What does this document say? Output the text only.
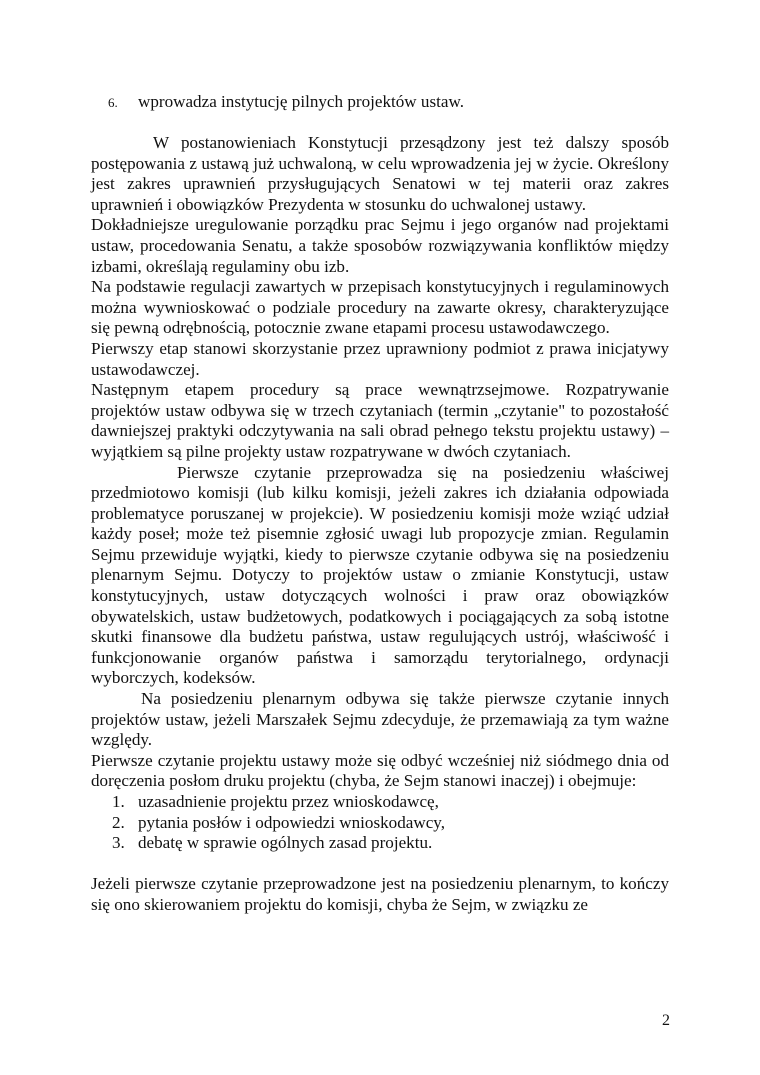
6. wprowadza instytucję pilnych projektów ustaw.

W postanowieniach Konstytucji przesądzony jest też dalszy sposób postępowania z ustawą już uchwaloną, w celu wprowadzenia jej w życie. Określony jest zakres uprawnień przysługujących Senatowi w tej materii oraz zakres uprawnień i obowiązków Prezydenta w stosunku do uchwalonej ustawy.

Dokładniejsze uregulowanie porządku prac Sejmu i jego organów nad projektami ustaw, procedowania Senatu, a także sposobów rozwiązywania konfliktów między izbami, określają regulaminy obu izb.

Na podstawie regulacji zawartych w przepisach konstytucyjnych i regulaminowych można wywnioskować o podziale procedury na zawarte okresy, charakteryzujące się pewną odrębnością, potocznie zwane etapami procesu ustawodawczego.

Pierwszy etap stanowi skorzystanie przez uprawniony podmiot z prawa inicjatywy ustawodawczej.

Następnym etapem procedury są prace wewnątrzsejmowe. Rozpatrywanie projektów ustaw odbywa się w trzech czytaniach (termin „czytanie" to pozostałość dawniejszej praktyki odczytywania na sali obrad pełnego tekstu projektu ustawy) – wyjątkiem są pilne projekty ustaw rozpatrywane w dwóch czytaniach.

Pierwsze czytanie przeprowadza się na posiedzeniu właściwej przedmiotowo komisji (lub kilku komisji, jeżeli zakres ich działania odpowiada problematyce poruszanej w projekcie). W posiedzeniu komisji może wziąć udział każdy poseł; może też pisemnie zgłosić uwagi lub propozycje zmian. Regulamin Sejmu przewiduje wyjątki, kiedy to pierwsze czytanie odbywa się na posiedzeniu plenarnym Sejmu. Dotyczy to projektów ustaw o zmianie Konstytucji, ustaw konstytucyjnych, ustaw dotyczących wolności i praw oraz obowiązków obywatelskich, ustaw budżetowych, podatkowych i pociągających za sobą istotne skutki finansowe dla budżetu państwa, ustaw regulujących ustrój, właściwość i funkcjonowanie organów państwa i samorządu terytorialnego, ordynacji wyborczych, kodeksów.

Na posiedzeniu plenarnym odbywa się także pierwsze czytanie innych projektów ustaw, jeżeli Marszałek Sejmu zdecyduje, że przemawiają za tym ważne względy.

Pierwsze czytanie projektu ustawy może się odbyć wcześniej niż siódmego dnia od doręczenia posłom druku projektu (chyba, że Sejm stanowi inaczej) i obejmuje:

1. uzasadnienie projektu przez wnioskodawcę,
2. pytania posłów i odpowiedzi wnioskodawcy,
3. debatę w sprawie ogólnych zasad projektu.

Jeżeli pierwsze czytanie przeprowadzone jest na posiedzeniu plenarnym, to kończy się ono skierowaniem projektu do komisji, chyba że Sejm, w związku ze

2
